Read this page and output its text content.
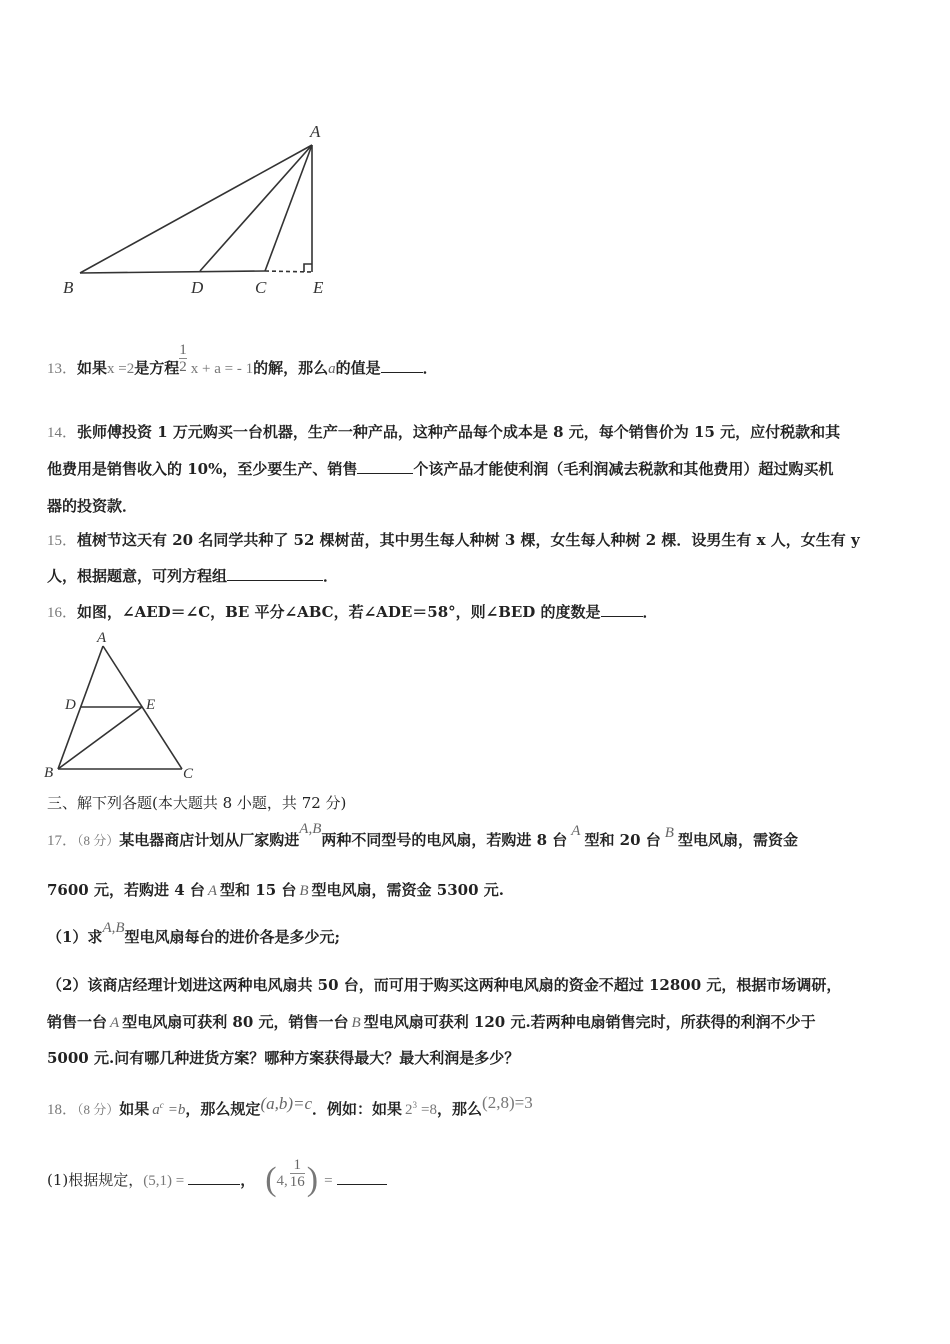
A
B	D	C	E
13．如果x =2是方程 $\frac{1}{2}$ x + a = - 1的解，那么a的值是	．
14．张师傅投资 1 万元购买一台机器，生产一种产品，这种产品每个成本是 8 元，每个销售价为 15 元，应付税款和其
他费用是销售收入的 10%，至少要生产、销售	个该产品才能使利润（毛利润减去税款和其他费用）超过购买机
器的投资款．
15．植树节这天有 20 名同学共种了 52 棵树苗，其中男生每人种树 3 棵，女生每人种树 2 棵．设男生有 x 人，女生有 y
人，根据题意，可列方程组	．
16．如图，∠AED＝∠C，BE 平分∠ABC，若∠ADE＝58°，则∠BED 的度数是	．
A
D	E
B	C
三、解下列各题(本大题共 8 小题，共 72 分)
17．（8 分）某电器商店计划从厂家购进A,B两种不同型号的电风扇，若购进 8 台 A 型和 20 台 B 型电风扇，需资金
7600 元，若购进 4 台 A 型和 15 台 B 型电风扇，需资金 5300 元.
（1）求A,B型电风扇每台的进价各是多少元;
（2）该商店经理计划进这两种电风扇共 50 台，而可用于购买这两种电风扇的资金不超过 12800 元，根据市场调研，
销售一台 A 型电风扇可获利 80 元，销售一台 B 型电风扇可获利 120 元.若两种电扇销售完时，所获得的利润不少于
5000 元.问有哪几种进货方案？哪种方案获得最大？最大利润是多少？
18．（8 分）如果 $a^c =b$，那么规定(a,b)=c．例如：如果 $2^3 =8$，那么(2,8)=3
(1)根据规定，(5,1) =	， (4, $\frac{1}{16}$ ) =
